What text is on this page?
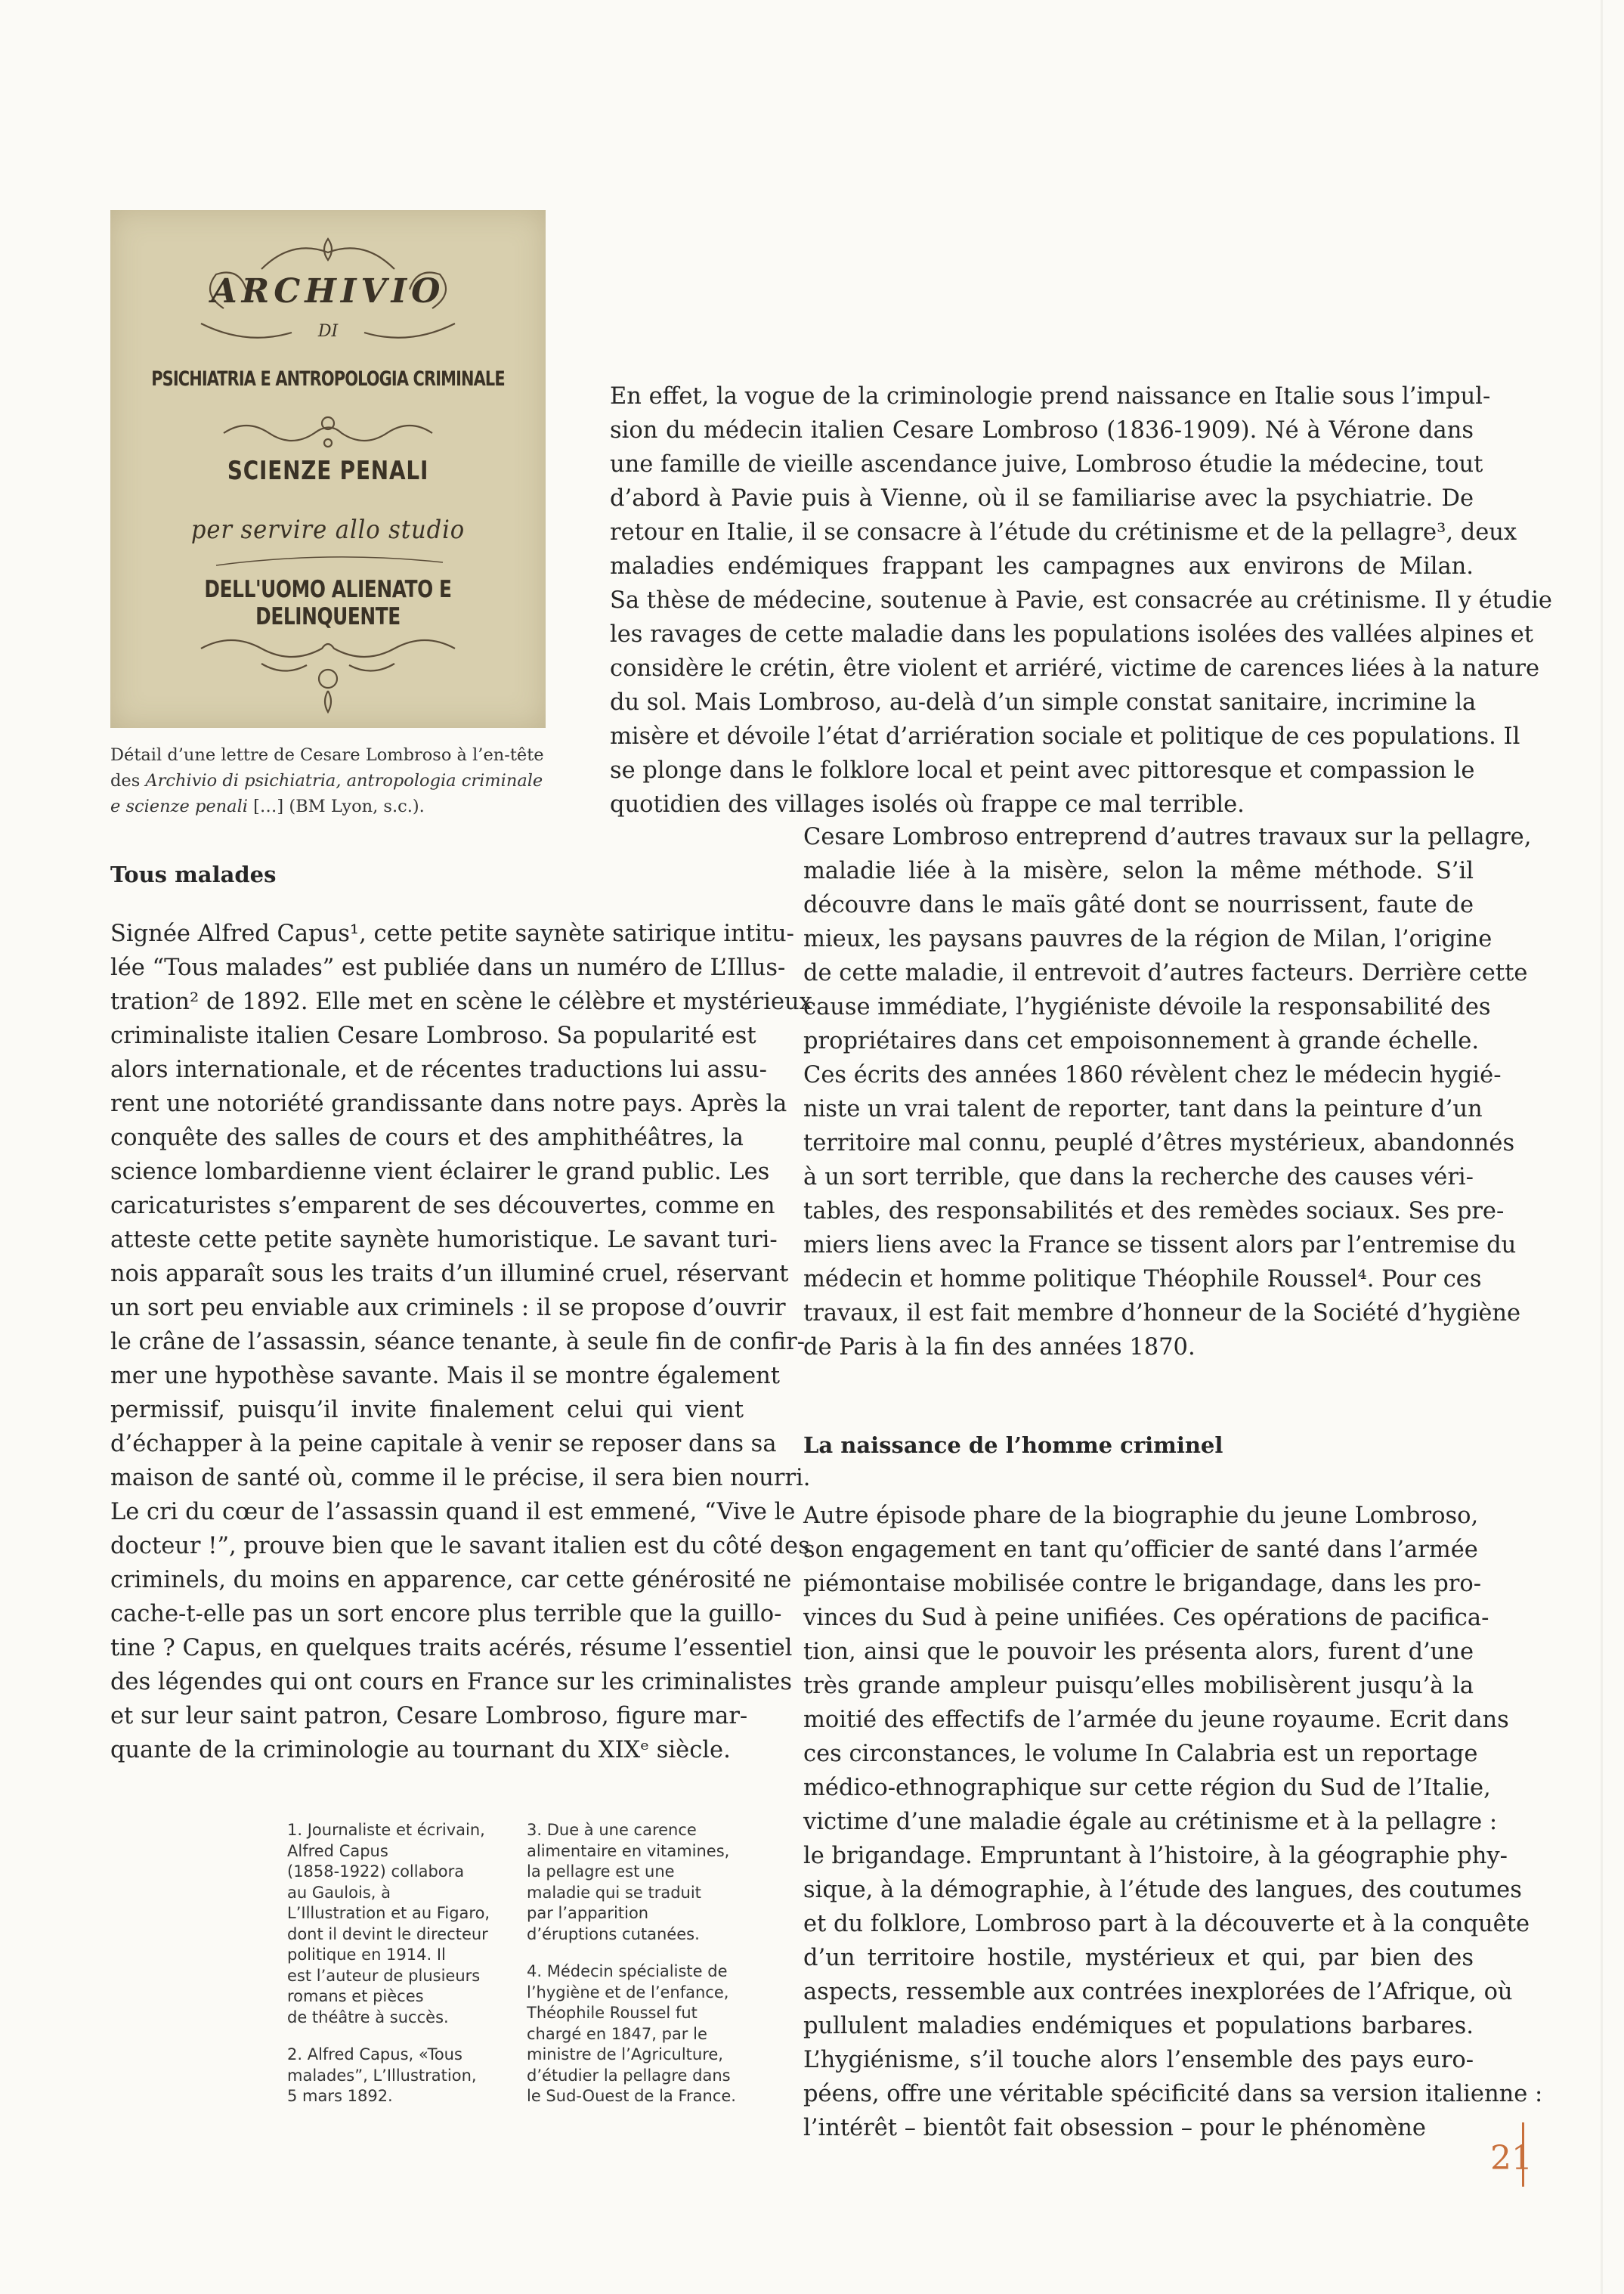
ARCHIVIO
DI
PSICHIATRIA E ANTROPOLOGIA CRIMINALE
SCIENZE PENALI
per servire allo studio
DELL'UOMO ALIENATO E DELINQUENTE
Détail d’une lettre de Cesare Lombroso à l’en-tête des Archivio di psichiatria, antropologia criminale e scienze penali […] (BM Lyon, s.c.).
Tous malades
La naissance de l’homme criminel
En effet, la vogue de la criminologie prend naissance en Italie sous l’impul-
sion du médecin italien Cesare Lombroso (1836-1909). Né à Vérone dans
une famille de vieille ascendance juive, Lombroso étudie la médecine, tout
d’abord à Pavie puis à Vienne, où il se familiarise avec la psychiatrie. De
retour en Italie, il se consacre à l’étude du crétinisme et de la pellagre³, deux
maladies endémiques frappant les campagnes aux environs de Milan.
Sa thèse de médecine, soutenue à Pavie, est consacrée au crétinisme. Il y étudie
les ravages de cette maladie dans les populations isolées des vallées alpines et
considère le crétin, être violent et arriéré, victime de carences liées à la nature
du sol. Mais Lombroso, au-delà d’un simple constat sanitaire, incrimine la
misère et dévoile l’état d’arriération sociale et politique de ces populations. Il
se plonge dans le folklore local et peint avec pittoresque et compassion le
quotidien des villages isolés où frappe ce mal terrible.
Cesare Lombroso entreprend d’autres travaux sur la pellagre,
maladie liée à la misère, selon la même méthode. S’il
découvre dans le maïs gâté dont se nourrissent, faute de
mieux, les paysans pauvres de la région de Milan, l’origine
de cette maladie, il entrevoit d’autres facteurs. Derrière cette
cause immédiate, l’hygiéniste dévoile la responsabilité des
propriétaires dans cet empoisonnement à grande échelle.
Ces écrits des années 1860 révèlent chez le médecin hygié-
niste un vrai talent de reporter, tant dans la peinture d’un
territoire mal connu, peuplé d’êtres mystérieux, abandonnés
à un sort terrible, que dans la recherche des causes véri-
tables, des responsabilités et des remèdes sociaux. Ses pre-
miers liens avec la France se tissent alors par l’entremise du
médecin et homme politique Théophile Roussel⁴. Pour ces
travaux, il est fait membre d’honneur de la Société d’hygiène
de Paris à la fin des années 1870.
Signée Alfred Capus¹, cette petite saynète satirique intitu-
lée “Tous malades” est publiée dans un numéro de L’Illus-
tration² de 1892. Elle met en scène le célèbre et mystérieux
criminaliste italien Cesare Lombroso. Sa popularité est
alors internationale, et de récentes traductions lui assu-
rent une notoriété grandissante dans notre pays. Après la
conquête des salles de cours et des amphithéâtres, la
science lombardienne vient éclairer le grand public. Les
caricaturistes s’emparent de ses découvertes, comme en
atteste cette petite saynète humoristique. Le savant turi-
nois apparaît sous les traits d’un illuminé cruel, réservant
un sort peu enviable aux criminels : il se propose d’ouvrir
le crâne de l’assassin, séance tenante, à seule fin de confir-
mer une hypothèse savante. Mais il se montre également
permissif, puisqu’il invite finalement celui qui vient
d’échapper à la peine capitale à venir se reposer dans sa
maison de santé où, comme il le précise, il sera bien nourri.
Le cri du cœur de l’assassin quand il est emmené, “Vive le
docteur !”, prouve bien que le savant italien est du côté des
criminels, du moins en apparence, car cette générosité ne
cache-t-elle pas un sort encore plus terrible que la guillo-
tine ? Capus, en quelques traits acérés, résume l’essentiel
des légendes qui ont cours en France sur les criminalistes
et sur leur saint patron, Cesare Lombroso, figure mar-
quante de la criminologie au tournant du XIXᵉ siècle.
Autre épisode phare de la biographie du jeune Lombroso,
son engagement en tant qu’officier de santé dans l’armée
piémontaise mobilisée contre le brigandage, dans les pro-
vinces du Sud à peine unifiées. Ces opérations de pacifica-
tion, ainsi que le pouvoir les présenta alors, furent d’une
très grande ampleur puisqu’elles mobilisèrent jusqu’à la
moitié des effectifs de l’armée du jeune royaume. Ecrit dans
ces circonstances, le volume In Calabria est un reportage
médico-ethnographique sur cette région du Sud de l’Italie,
victime d’une maladie égale au crétinisme et à la pellagre :
le brigandage. Empruntant à l’histoire, à la géographie phy-
sique, à la démographie, à l’étude des langues, des coutumes
et du folklore, Lombroso part à la découverte et à la conquête
d’un territoire hostile, mystérieux et qui, par bien des
aspects, ressemble aux contrées inexplorées de l’Afrique, où
pullulent maladies endémiques et populations barbares.
L’hygiénisme, s’il touche alors l’ensemble des pays euro-
péens, offre une véritable spécificité dans sa version italienne :
l’intérêt – bientôt fait obsession – pour le phénomène

1. Journaliste et écrivain,
Alfred Capus
(1858-1922) collabora
au Gaulois, à
L’Illustration et au Figaro,
dont il devint le directeur
politique en 1914. Il
est l’auteur de plusieurs
romans et pièces
de théâtre à succès.

2. Alfred Capus, «Tous
malades”, L’Illustration,
5 mars 1892.

3. Due à une carence
alimentaire en vitamines,
la pellagre est une
maladie qui se traduit
par l’apparition
d’éruptions cutanées.

4. Médecin spécialiste de
l’hygiène et de l’enfance,
Théophile Roussel fut
chargé en 1847, par le
ministre de l’Agriculture,
d’étudier la pellagre dans
le Sud-Ouest de la France.

21
